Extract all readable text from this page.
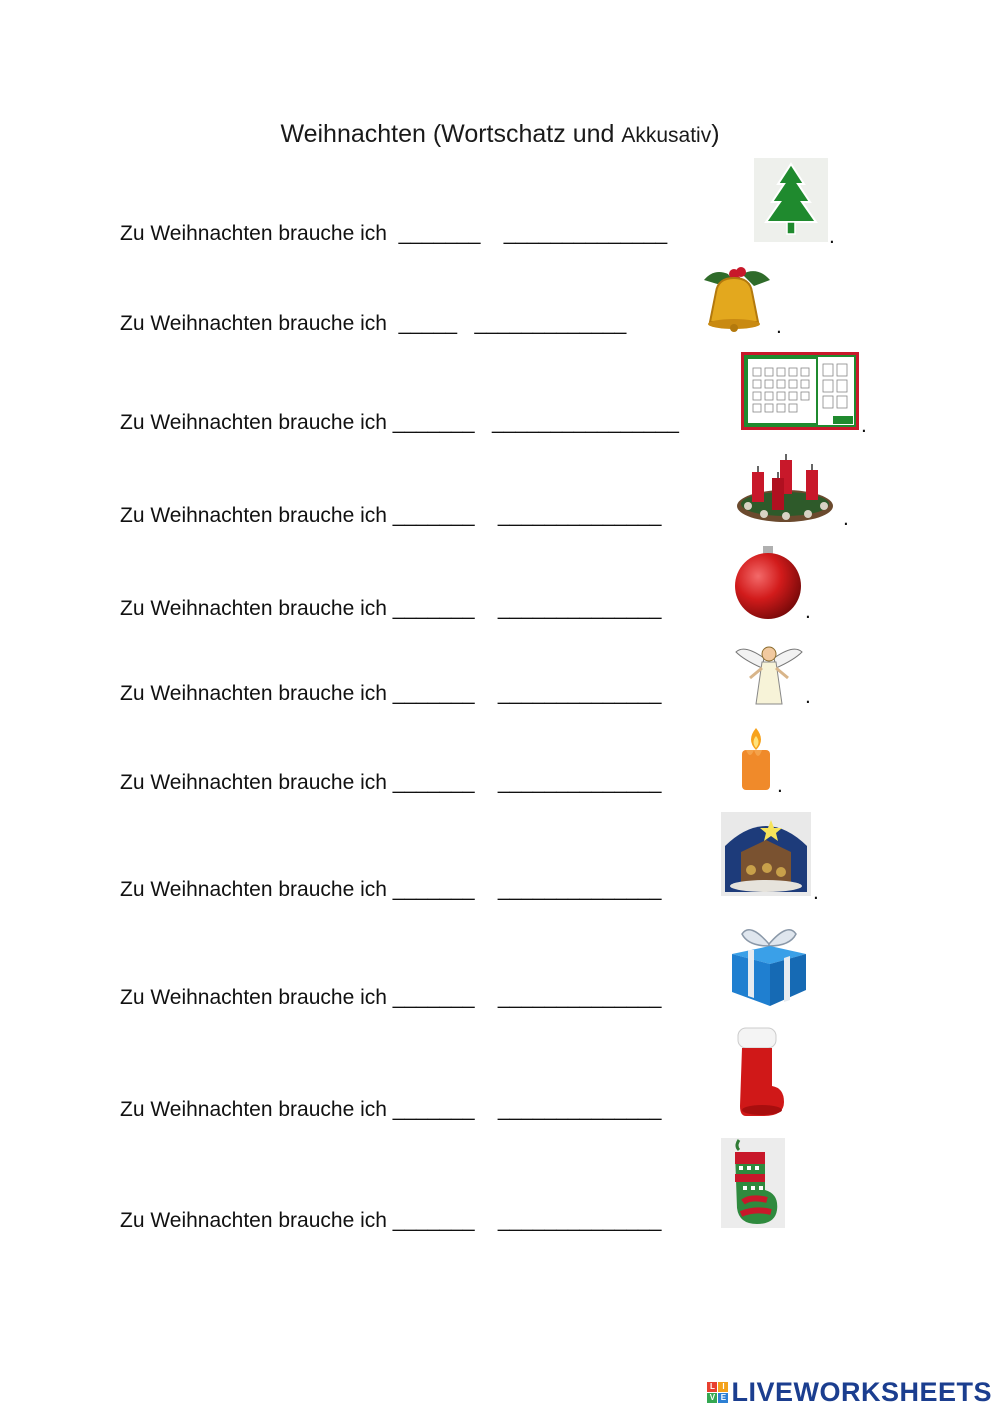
Weihnachten (Wortschatz und Akkusativ)
Zu Weihnachten brauche ich  _______    ______________	.
Zu Weihnachten brauche ich  _____   _____________	.
Zu Weihnachten brauche ich _______   ________________	.
Zu Weihnachten brauche ich _______    ______________	.
Zu Weihnachten brauche ich _______    ______________	.
Zu Weihnachten brauche ich _______    ______________	.
Zu Weihnachten brauche ich _______    ______________	.
Zu Weihnachten brauche ich _______    ______________	.
Zu Weihnachten brauche ich _______    ______________
Zu Weihnachten brauche ich _______    ______________
Zu Weihnachten brauche ich _______    ______________
L I
V E LIVEWORKSHEETS
